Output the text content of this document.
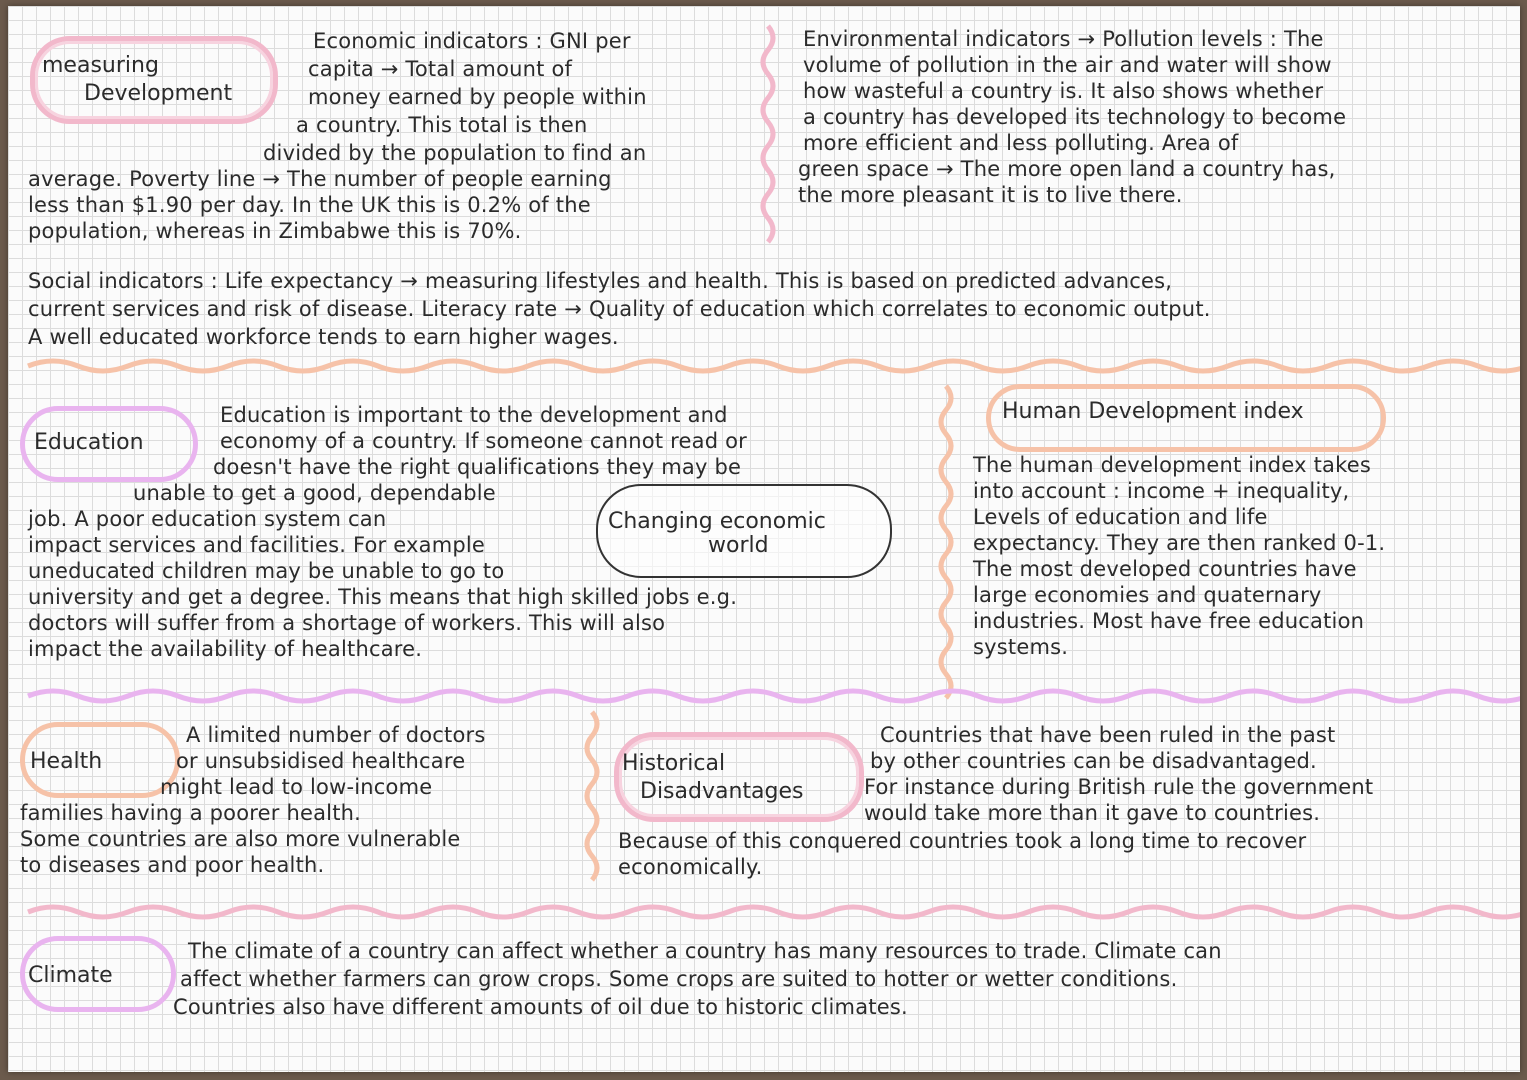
measuring
Development
Economic indicators : GNI per
capita → Total amount of
money earned by people within
a country. This total is then
divided by the population to find an
average. Poverty line → The number of people earning
less than $1.90 per day. In the UK this is 0.2% of the
population, whereas in Zimbabwe this is 70%.
Environmental indicators → Pollution levels : The
volume of pollution in the air and water will show
how wasteful a country is. It also shows whether
a country has developed its technology to become
more efficient and less polluting. Area of
green space → The more open land a country has,
the more pleasant it is to live there.
Social indicators : Life expectancy → measuring lifestyles and health. This is based on predicted advances,
current services and risk of disease. Literacy rate → Quality of education which correlates to economic output.
A well educated workforce tends to earn higher wages.
Education
Education is important to the development and
economy of a country. If someone cannot read or
doesn't have the right qualifications they may be
unable to get a good, dependable
job. A poor education system can
impact services and facilities. For example
uneducated children may be unable to go to
university and get a degree. This means that high skilled jobs e.g.
doctors will suffer from a shortage of workers. This will also
impact the availability of healthcare.
Changing economic
world
Human Development index
The human development index takes
into account : income + inequality,
Levels of education and life
expectancy. They are then ranked 0-1.
The most developed countries have
large economies and quaternary
industries. Most have free education
systems.
Health
A limited number of doctors
or unsubsidised healthcare
might lead to low-income
families having a poorer health.
Some countries are also more vulnerable
to diseases and poor health.
Historical
Disadvantages
Countries that have been ruled in the past
by other countries can be disadvantaged.
For instance during British rule the government
would take more than it gave to countries.
Because of this conquered countries took a long time to recover
economically.
Climate
The climate of a country can affect whether a country has many resources to trade. Climate can
affect whether farmers can grow crops. Some crops are suited to hotter or wetter conditions.
Countries also have different amounts of oil due to historic climates.
